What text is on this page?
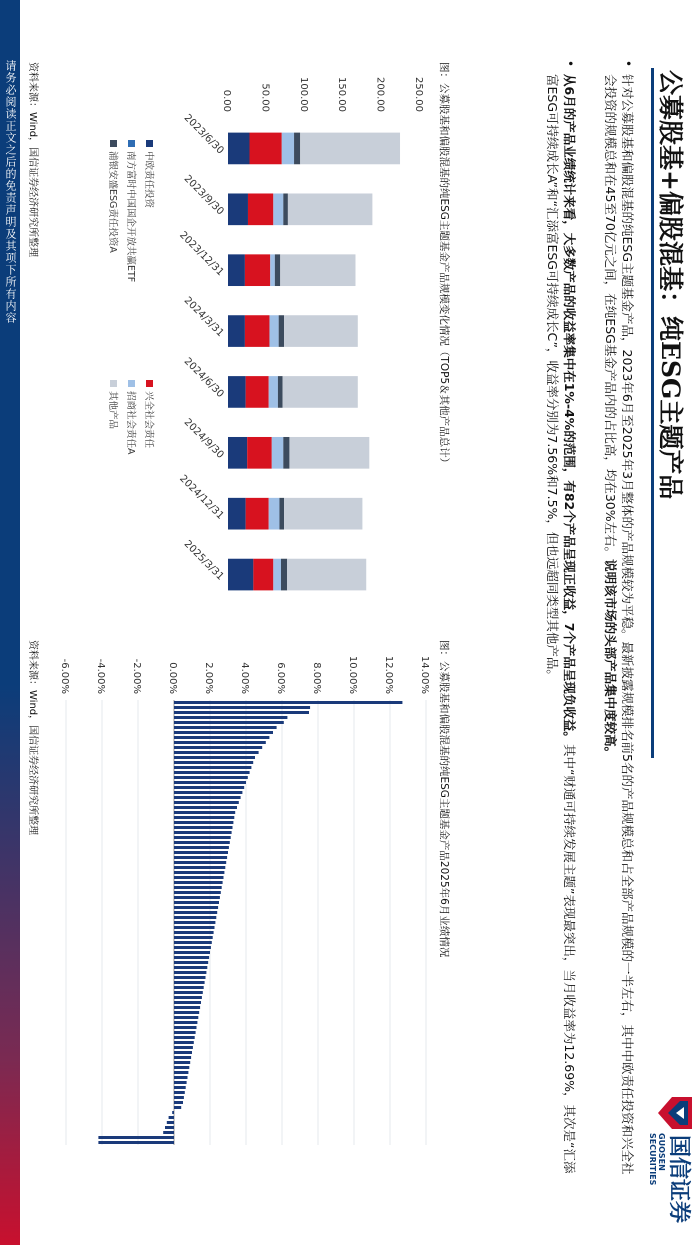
请务必阅读正文之后的免责声明及其项下所有内容	公募股基+偏股混基：纯ESG主题产品
国信证券
GUOSEN SECURITIES
•
针对公募股基和偏股混基的纯ESG主题基金产品，2023年6月至2025年3月整体的产品规模较为平稳。最新披露规模排名前5名的产品规模总和占全部产品规模的一半左右，其中中欧责任投资和兴全社会投资的规模总和在45至70亿元之间，在纯ESG基金产品内的占比高，均在30%左右。说明该市场的头部产品集中度较高。
•
从6月的产品业绩统计来看，大多数产品的收益率集中在1%-4%的范围，有82个产品呈现正收益，7个产品呈现负收益。其中“财通可持续发展主题”表现最突出，当月收益率为12.69%，其次是“汇添富ESG可持续成长A”和“汇添富ESG可持续成长C”，收益率分别为7.56%和7.5%，但也远超同类型其他产品。
图：公募股基和偏股混基的纯ESG主题基金产品规模变化情况（TOP5＆其他产品总计）
0.00	50.00	100.00	150.00	200.00	250.00
2023/6/30
2023/9/30
2023/12/31
2024/3/31
2024/6/30
2024/9/30
2024/12/31
2025/3/31
中欧责任投资
兴全社会责任
南方富时中国国企开放共赢ETF
招商社会责任A
浦银安盛ESG责任投资A
其他产品
资料来源：Wind，国信证券经济研究所整理
图：公募股基和偏股混基的纯ESG主题基金产品2025年6月业绩情况
-6.00%	-4.00%	-2.00%	0.00%	2.00%	4.00%	6.00%	8.00%	10.00%	12.00%	14.00%
资料来源：Wind，国信证券经济研究所整理
